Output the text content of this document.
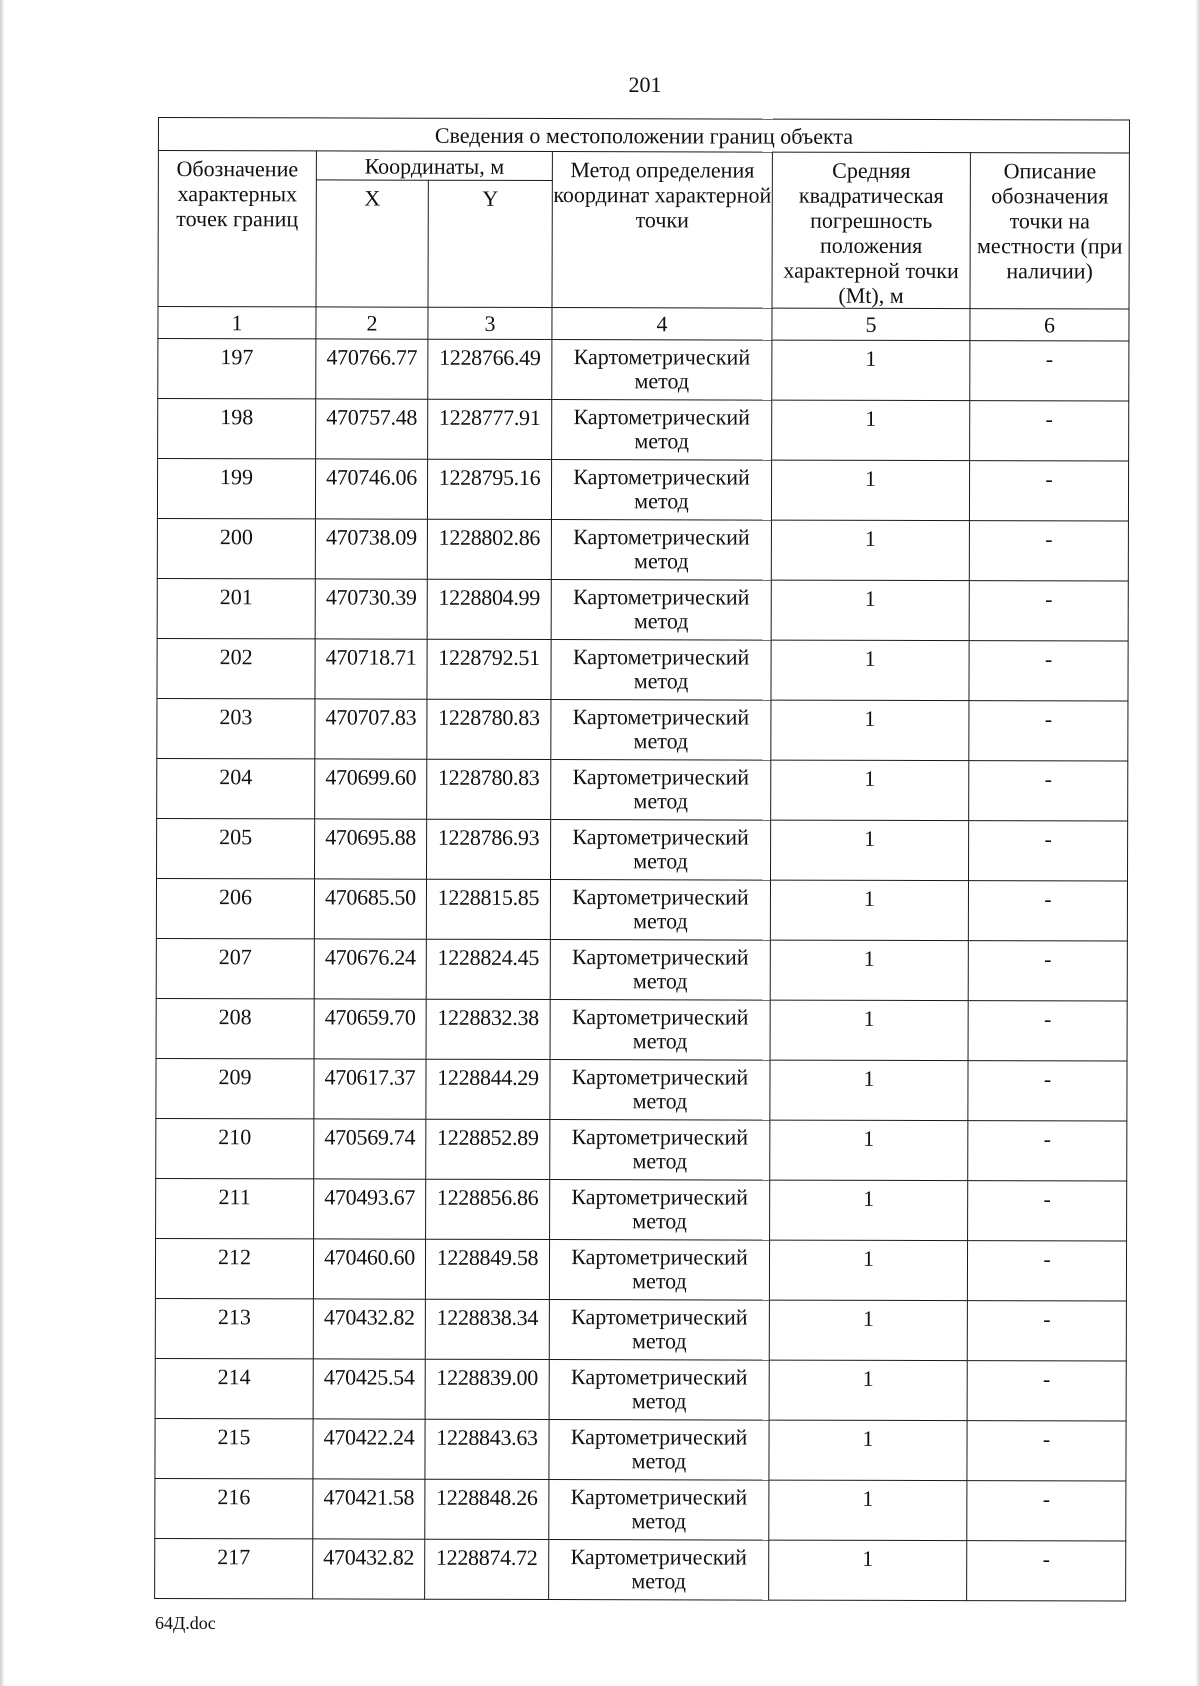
201
Сведения о местоположении границ объекта					
Обозначение характерных точек границ	Координаты, м		Метод определения координат характерной точки	Средняя квадратическая погрешность положения характерной точки (Mt), м	Описание обозначения точки на местности (при наличии)
	X	Y			
1	2	3	4	5	6
197	470766.77	1228766.49	Картометрический метод	1	-
198	470757.48	1228777.91	Картометрический метод	1	-
199	470746.06	1228795.16	Картометрический метод	1	-
200	470738.09	1228802.86	Картометрический метод	1	-
201	470730.39	1228804.99	Картометрический метод	1	-
202	470718.71	1228792.51	Картометрический метод	1	-
203	470707.83	1228780.83	Картометрический метод	1	-
204	470699.60	1228780.83	Картометрический метод	1	-
205	470695.88	1228786.93	Картометрический метод	1	-
206	470685.50	1228815.85	Картометрический метод	1	-
207	470676.24	1228824.45	Картометрический метод	1	-
208	470659.70	1228832.38	Картометрический метод	1	-
209	470617.37	1228844.29	Картометрический метод	1	-
210	470569.74	1228852.89	Картометрический метод	1	-
211	470493.67	1228856.86	Картометрический метод	1	-
212	470460.60	1228849.58	Картометрический метод	1	-
213	470432.82	1228838.34	Картометрический метод	1	-
214	470425.54	1228839.00	Картометрический метод	1	-
215	470422.24	1228843.63	Картометрический метод	1	-
216	470421.58	1228848.26	Картометрический метод	1	-
217	470432.82	1228874.72	Картометрический метод	1	-
64Д.doc
